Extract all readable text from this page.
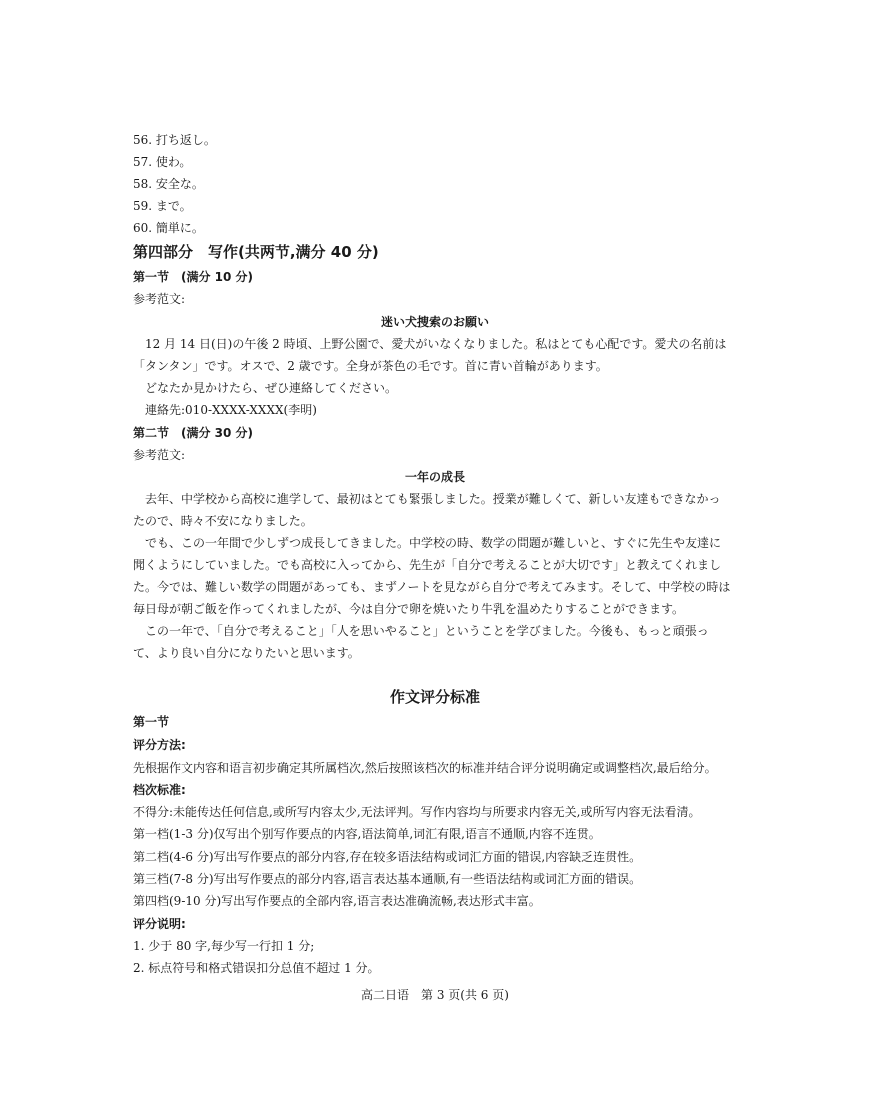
56. 打ち返し。
57. 使わ。
58. 安全な。
59. まで。
60. 簡単に。
第四部分　写作(共两节,满分 40 分)
第一节　(满分 10 分)
参考范文:
迷い犬捜索のお願い
12 月 14 日(日)の午後 2 時頃、上野公園で、愛犬がいなくなりました。私はとても心配です。愛犬の名前は
「タンタン」です。オスで、2 歳です。全身が茶色の毛です。首に青い首輪があります。
どなたか見かけたら、ぜひ連絡してください。
連絡先:010-XXXX-XXXX(李明)
第二节　(满分 30 分)
参考范文:
一年の成長
去年、中学校から高校に進学して、最初はとても緊張しました。授業が難しくて、新しい友達もできなかっ
たので、時々不安になりました。
でも、この一年間で少しずつ成長してきました。中学校の時、数学の問題が難しいと、すぐに先生や友達に
聞くようにしていました。でも高校に入ってから、先生が「自分で考えることが大切です」と教えてくれまし
た。今では、難しい数学の問題があっても、まずノートを見ながら自分で考えてみます。そして、中学校の時は
毎日母が朝ご飯を作ってくれましたが、今は自分で卵を焼いたり牛乳を温めたりすることができます。
この一年で、「自分で考えること」「人を思いやること」ということを学びました。今後も、もっと頑張っ
て、より良い自分になりたいと思います。
作文评分标准
第一节
评分方法:
先根据作文内容和语言初步确定其所属档次,然后按照该档次的标准并结合评分说明确定或调整档次,最后给分。
档次标准:
不得分:未能传达任何信息,或所写内容太少,无法评判。写作内容均与所要求内容无关,或所写内容无法看清。
第一档(1-3 分)仅写出个别写作要点的内容,语法简单,词汇有限,语言不通顺,内容不连贯。
第二档(4-6 分)写出写作要点的部分内容,存在较多语法结构或词汇方面的错误,内容缺乏连贯性。
第三档(7-8 分)写出写作要点的部分内容,语言表达基本通顺,有一些语法结构或词汇方面的错误。
第四档(9-10 分)写出写作要点的全部内容,语言表达准确流畅,表达形式丰富。
评分说明:
1. 少于 80 字,每少写一行扣 1 分;
2. 标点符号和格式错误扣分总值不超过 1 分。
高二日语　第 3 页(共 6 页)
